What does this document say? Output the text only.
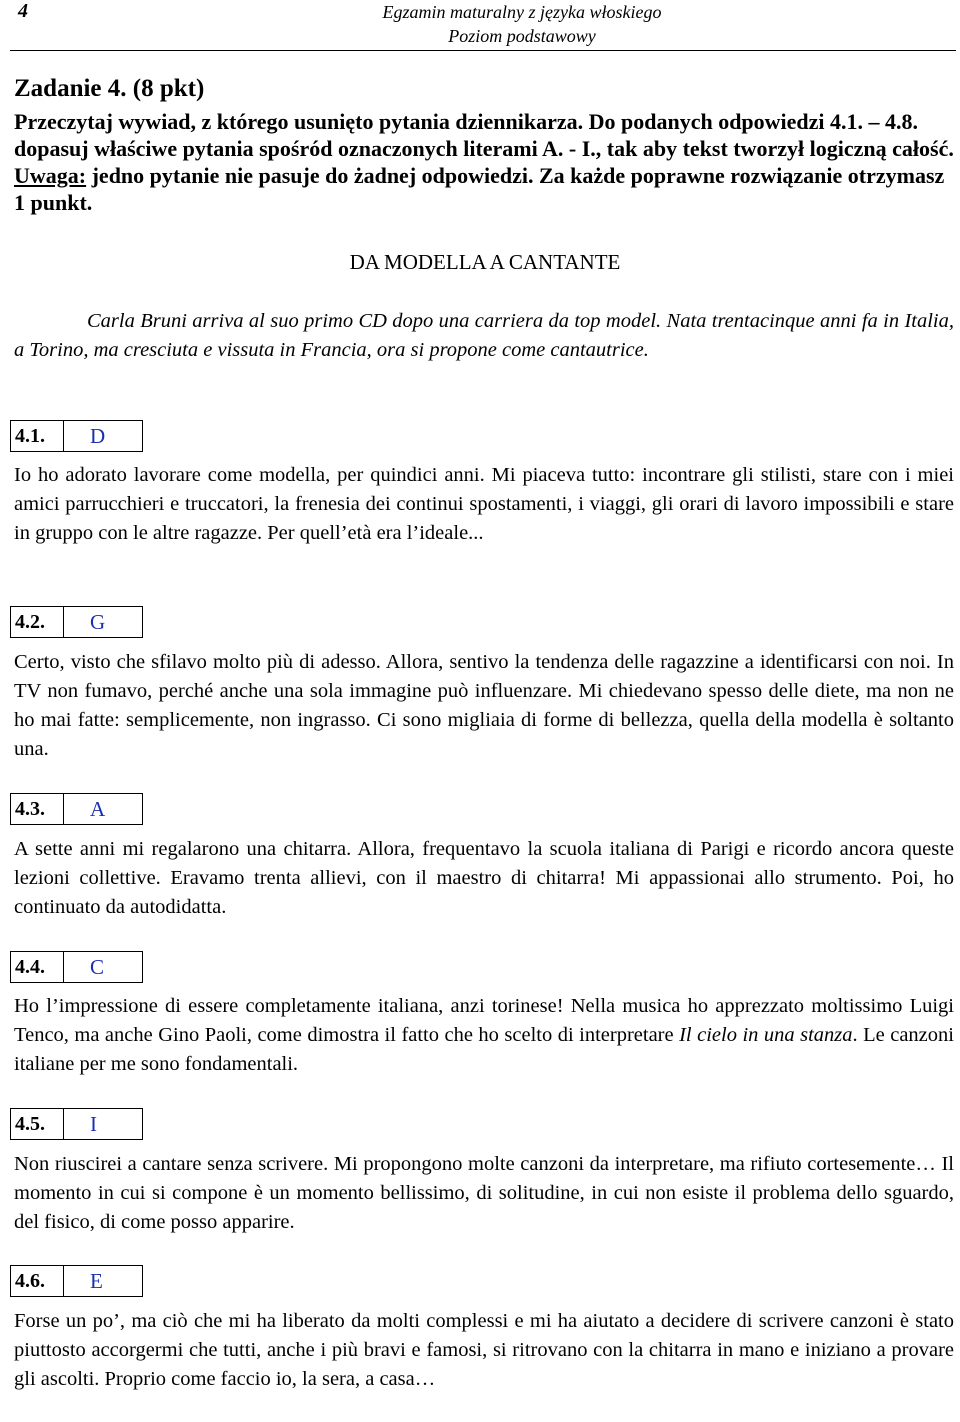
4	Egzamin maturalny z języka włoskiego
Poziom podstawowy
Zadanie 4. (8 pkt)
Przeczytaj wywiad, z którego usunięto pytania dziennikarza. Do podanych odpowiedzi 4.1. – 4.8. dopasuj właściwe pytania spośród oznaczonych literami A. - I., tak aby tekst tworzył logiczną całość. Uwaga: jedno pytanie nie pasuje do żadnej odpowiedzi. Za każde poprawne rozwiązanie otrzymasz 1 punkt.
DA MODELLA A CANTANTE
Carla Bruni arriva al suo primo CD dopo una carriera da top model. Nata trentacinque anni fa in Italia, a Torino, ma cresciuta e vissuta in Francia, ora si propone come cantautrice.
4.1.	D
Io ho adorato lavorare come modella, per quindici anni. Mi piaceva tutto: incontrare gli stilisti, stare con i miei amici parrucchieri e truccatori, la frenesia dei continui spostamenti, i viaggi, gli orari di lavoro impossibili e stare in gruppo con le altre ragazze. Per quell’età era l’ideale...
4.2.	G
Certo, visto che sfilavo molto più di adesso. Allora, sentivo la tendenza delle ragazzine a identificarsi con noi. In TV non fumavo, perché anche una sola immagine può influenzare. Mi chiedevano spesso delle diete, ma non ne ho mai fatte: semplicemente, non ingrasso. Ci sono migliaia di forme di bellezza, quella della modella è soltanto una.
4.3.	A
A sette anni mi regalarono una chitarra. Allora, frequentavo la scuola italiana di Parigi e ricordo ancora queste lezioni collettive. Eravamo trenta allievi, con il maestro di chitarra! Mi appassionai allo strumento. Poi, ho continuato da autodidatta.
4.4.	C
Ho l’impressione di essere completamente italiana, anzi torinese! Nella musica ho apprezzato moltissimo Luigi Tenco, ma anche Gino Paoli, come dimostra il fatto che ho scelto di interpretare Il cielo in una stanza. Le canzoni italiane per me sono fondamentali.
4.5.	I
Non riuscirei a cantare senza scrivere. Mi propongono molte canzoni da interpretare, ma rifiuto cortesemente… Il momento in cui si compone è un momento bellissimo, di solitudine, in cui non esiste il problema dello sguardo, del fisico, di come posso apparire.
4.6.	E
Forse un po’, ma ciò che mi ha liberato da molti complessi e mi ha aiutato a decidere di scrivere canzoni è stato piuttosto accorgermi che tutti, anche i più bravi e famosi, si ritrovano con la chitarra in mano e iniziano a provare gli ascolti. Proprio come faccio io, la sera, a casa…
